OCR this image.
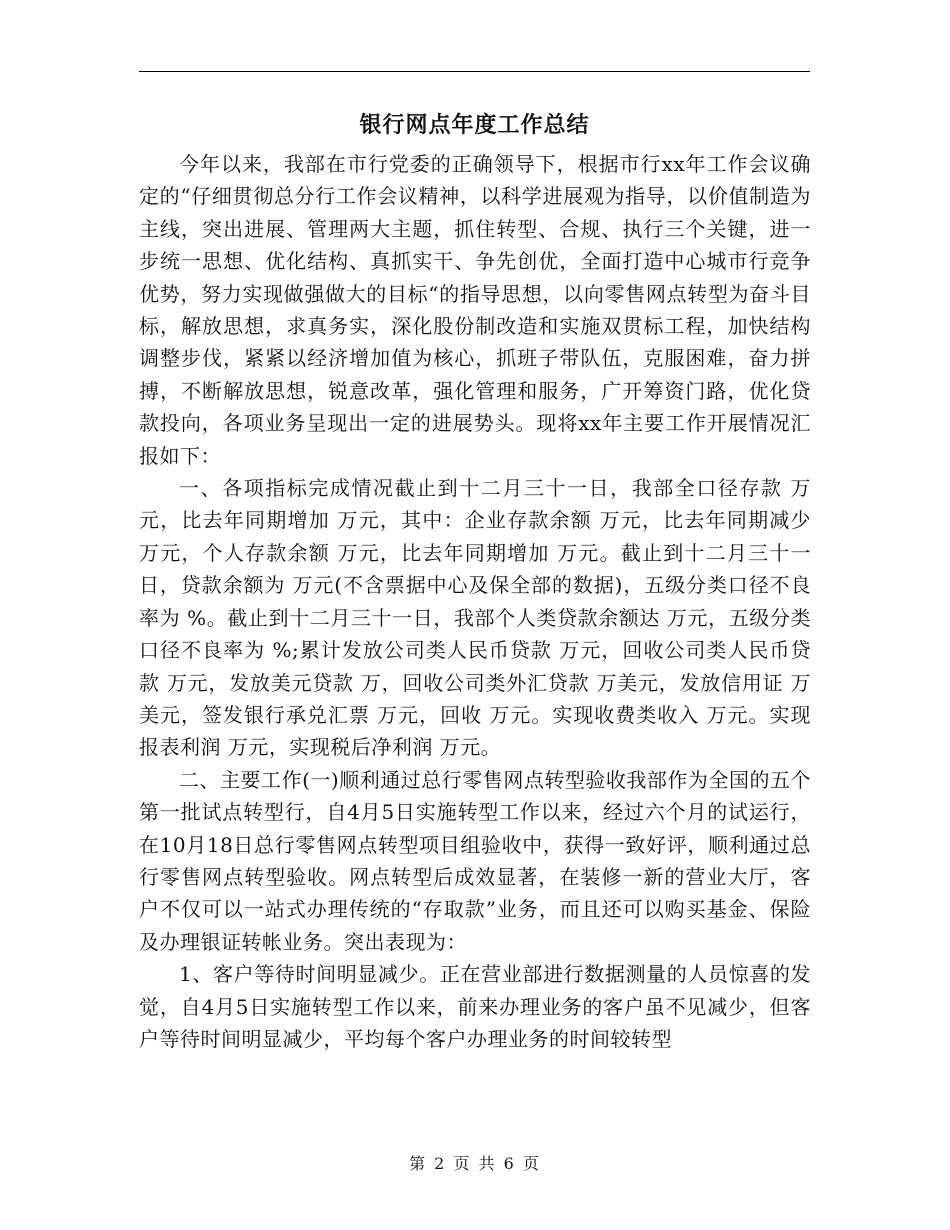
银行网点年度工作总结

今年以来，我部在市行党委的正确领导下，根据市行xx年工作会议确定的“仔细贯彻总分行工作会议精神，以科学进展观为指导，以价值制造为主线，突出进展、管理两大主题，抓住转型、合规、执行三个关键，进一步统一思想、优化结构、真抓实干、争先创优，全面打造中心城市行竞争优势，努力实现做强做大的目标“的指导思想，以向零售网点转型为奋斗目标，解放思想，求真务实，深化股份制改造和实施双贯标工程，加快结构调整步伐，紧紧以经济增加值为核心，抓班子带队伍，克服困难，奋力拼搏，不断解放思想，锐意改革，强化管理和服务，广开筹资门路，优化贷款投向，各项业务呈现出一定的进展势头。现将xx年主要工作开展情况汇报如下：

一、各项指标完成情况截止到十二月三十一日，我部全口径存款 万元，比去年同期增加 万元，其中：企业存款余额 万元，比去年同期减少 万元，个人存款余额 万元，比去年同期增加 万元。截止到十二月三十一日，贷款余额为 万元(不含票据中心及保全部的数据)，五级分类口径不良率为 %。截止到十二月三十一日，我部个人类贷款余额达 万元，五级分类口径不良率为 %;累计发放公司类人民币贷款 万元，回收公司类人民币贷款 万元，发放美元贷款 万，回收公司类外汇贷款 万美元，发放信用证 万美元，签发银行承兑汇票 万元，回收 万元。实现收费类收入 万元。实现报表利润 万元，实现税后净利润 万元。

二、主要工作(一)顺利通过总行零售网点转型验收我部作为全国的五个第一批试点转型行，自4月5日实施转型工作以来，经过六个月的试运行，在10月18日总行零售网点转型项目组验收中，获得一致好评，顺利通过总行零售网点转型验收。网点转型后成效显著，在装修一新的营业大厅，客户不仅可以一站式办理传统的“存取款”业务，而且还可以购买基金、保险及办理银证转帐业务。突出表现为：

1、客户等待时间明显减少。正在营业部进行数据测量的人员惊喜的发觉，自4月5日实施转型工作以来，前来办理业务的客户虽不见减少，但客户等待时间明显减少，平均每个客户办理业务的时间较转型

第 2 页 共 6 页
